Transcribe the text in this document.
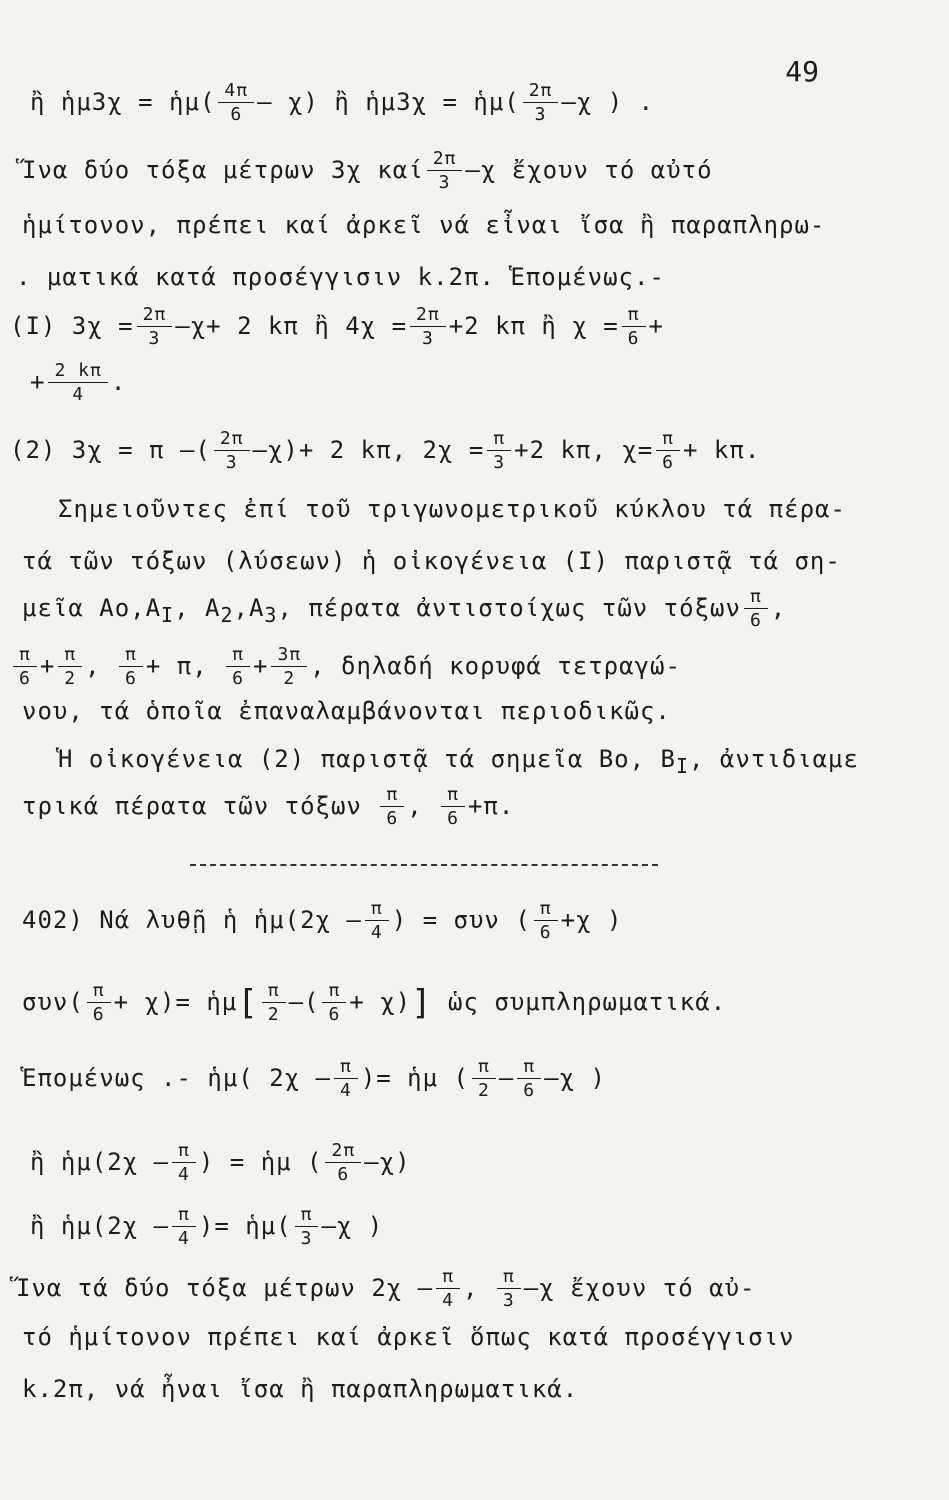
49
ἢ ἡμ3χ = ἡμ( $\frac{4\pi}{6} - \chi$) ἢ ἡμ3χ = ἡμ( $\frac{2\pi}{3} -\chi$ ) .
Ἵνα δύο τόξα μέτρων 3χ καί $\frac{2\pi}{3} -\chi$ ἔχουν τό αὐτό
ἡμίτονον, πρέπει καί ἀρκεῖ νά εἶναι ἴσα ἢ παραπληρω-
. ματικά κατά προσέγγισιν k.2π. Ἑπομένως.-
(I) $3\chi = \frac{2\pi}{3} -\chi+ 2$ kπ ἢ $4\chi = \frac{2\pi}{3} +2$ kπ ἢ $\chi = \frac{\pi}{6}$ +
+ $\frac{2 k\pi}{4}$ .
(2) 3χ = π –( $\frac{2\pi}{3} -\chi)+ 2$ kπ, $2\chi = \frac{\pi}{3} +2$ kπ, $\chi= \frac{\pi}{6} + k\pi$.
Σημειοῦντες ἐπί τοῦ τριγωνομετρικοῦ κύκλου τά πέρα-
τά τῶν τόξων (λύσεων) ἡ οἰκογένεια (I) παριστᾷ τά ση-
μεῖα $Ao,A_I$, $A_2,A_3$, πέρατα ἀντιστοίχως τῶν τόξων $\frac{\pi}{6}$ ,
$\frac{\pi}{6} + \frac{\pi}{2}$ , $\frac{\pi}{6} + \pi$, $\frac{\pi}{6} + \frac{3\pi}{2}$ , δηλαδή κορυφά τετραγώ-
νου, τά ὁποῖα ἐπαναλαμβάνονται περιοδικῶς.
Ἡ οἰκογένεια (2) παριστᾷ τά σημεῖα Βο, $B_I$, ἀντιδιαμε
τρικά πέρατα τῶν τόξων $\frac{\pi}{6}$ , $\frac{\pi}{6} +\pi$.
402) Νά λυθῇ ἡ ἡμ(2χ – $\frac{\pi}{4}$ ) = συν ( $\frac{\pi}{6} +\chi$ )
$\sigma\upsilon\nu( \frac{\pi}{6} + \chi)=$ ἡμ[ $\frac{\pi}{2}$ –( $\frac{\pi}{6} + \chi$)] ὡς συμπληρωματικά.
Ἑπομένως .- ἡμ( $2\chi - \frac{\pi}{4}$ )= ἡμ ( $\frac{\pi}{2} - \frac{\pi}{6} -\chi$ )
ἢ ἡμ(2χ – $\frac{\pi}{4}$ ) = ἡμ ( $\frac{2\pi}{6} -\chi$)
ἢ ἡμ(2χ – $\frac{\pi}{4}$ )= ἡμ( $\frac{\pi}{3} -\chi$ )
Ἵνα τά δύο τόξα μέτρων $2\chi - \frac{\pi}{4}$ , $\frac{\pi}{3} -\chi$ ἔχουν τό αὐ-
τό ἡμίτονον πρέπει καί ἀρκεῖ ὅπως κατά προσέγγισιν
k.2π, νά ἦναι ἴσα ἢ παραπληρωματικά.
